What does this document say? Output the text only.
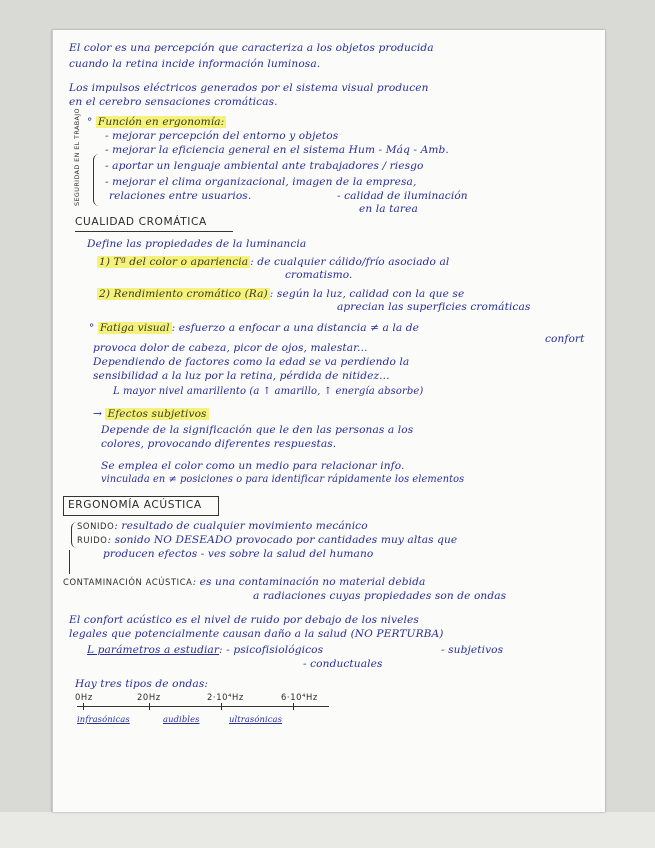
El color es una percepción que caracteriza a los objetos producida
cuando la retina incide información luminosa.
Los impulsos eléctricos generados por el sistema visual producen
en el cerebro sensaciones cromáticas.
° Función en ergonomía:
- mejorar percepción del entorno y objetos
- mejorar la eficiencia general en el sistema Hum - Máq - Amb.
- aportar un lenguaje ambiental ante trabajadores / riesgo
- mejorar el clima organizacional, imagen de la empresa,
relaciones entre usuarios.	- calidad de iluminación
en la tarea
SEGURIDAD EN EL TRABAJO
CUALIDAD CROMÁTICA
Define las propiedades de la luminancia
1) Tª del color o apariencia : de cualquier cálido/frío asociado al
cromatismo.
2) Rendimiento cromático (Ra) : según la luz, calidad con la que se
aprecian las superficies cromáticas
° Fatiga visual : esfuerzo a enfocar a una distancia ≠ a la de
confort
provoca dolor de cabeza, picor de ojos, malestar...
Dependiendo de factores como la edad se va perdiendo la
sensibilidad a la luz por la retina, pérdida de nitidez...
L mayor nivel amarillento (a ↑ amarillo, ↑ energía absorbe)
→ Efectos subjetivos
Depende de la significación que le den las personas a los
colores, provocando diferentes respuestas.
Se emplea el color como un medio para relacionar info.
vinculada en ≠ posiciones o para identificar rápidamente los elementos
ERGONOMÍA ACÚSTICA
SONIDO: resultado de cualquier movimiento mecánico
RUIDO: sonido NO DESEADO provocado por cantidades muy altas que
producen efectos - ves sobre la salud del humano
CONTAMINACIÓN ACÚSTICA: es una contaminación no material debida
a radiaciones cuyas propiedades son de ondas
El confort acústico es el nivel de ruido por debajo de los niveles
legales que potencialmente causan daño a la salud (NO PERTURBA)
L parámetros a estudiar: - psicofisiológicos	- subjetivos
- conductuales
Hay tres tipos de ondas:
0Hz	20Hz	2·10⁴Hz	6·10⁴Hz
infrasónicas	audibles	ultrasónicas
